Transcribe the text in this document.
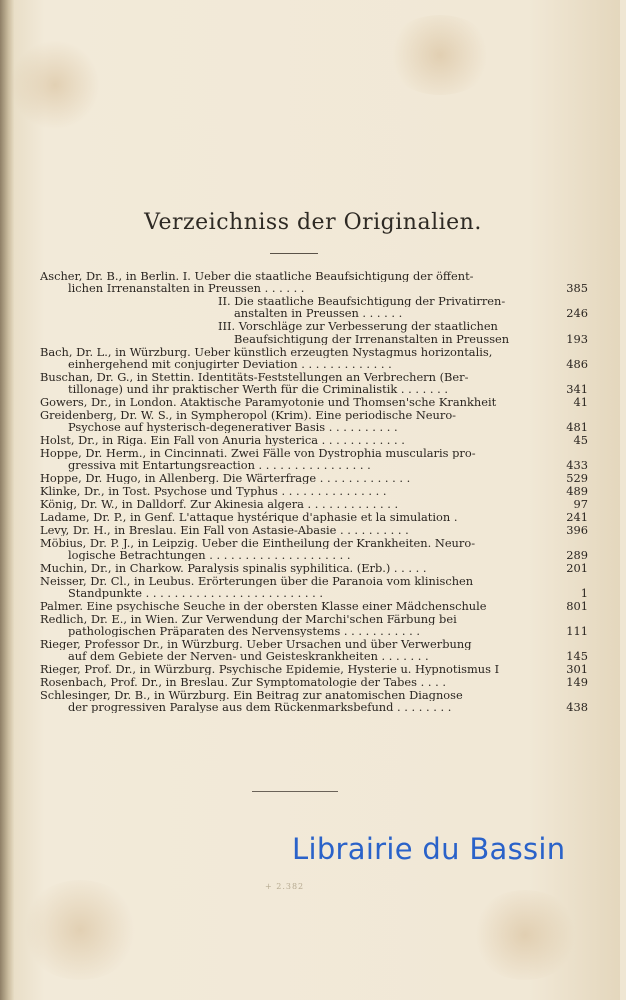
Verzeichniss der Originalien.
Ascher, Dr. B., in Berlin. I. Ueber die staatliche Beaufsichtigung der öffent-
lichen Irrenanstalten in Preussen . . . . . .	385
II. Die staatliche Beaufsichtigung der Privatirren-
anstalten in Preussen . . . . . .	246
III. Vorschläge zur Verbesserung der staatlichen
Beaufsichtigung der Irrenanstalten in Preussen	193
Bach, Dr. L., in Würzburg. Ueber künstlich erzeugten Nystagmus horizontalis,
einhergehend mit conjugirter Deviation . . . . . . . . . . . . .	486
Buschan, Dr. G., in Stettin. Identitäts-Feststellungen an Verbrechern (Ber-
tillonage) und ihr praktischer Werth für die Criminalistik . . . . . . .	341
Gowers, Dr., in London. Ataktische Paramyotonie und Thomsen'sche Krankheit	41
Greidenberg, Dr. W. S., in Sympheropol (Krim). Eine periodische Neuro-
Psychose auf hysterisch-degenerativer Basis . . . . . . . . . .	481
Holst, Dr., in Riga. Ein Fall von Anuria hysterica . . . . . . . . . . . .	45
Hoppe, Dr. Herm., in Cincinnati. Zwei Fälle von Dystrophia muscularis pro-
gressiva mit Entartungsreaction . . . . . . . . . . . . . . . .	433
Hoppe, Dr. Hugo, in Allenberg. Die Wärterfrage . . . . . . . . . . . . .	529
Klinke, Dr., in Tost. Psychose und Typhus . . . . . . . . . . . . . . .	489
König, Dr. W., in Dalldorf. Zur Akinesia algera . . . . . . . . . . . . .	97
Ladame, Dr. P., in Genf. L'attaque hystérique d'aphasie et la simulation .	241
Levy, Dr. H., in Breslau. Ein Fall von Astasie-Abasie . . . . . . . . . .	396
Möbius, Dr. P. J., in Leipzig. Ueber die Eintheilung der Krankheiten. Neuro-
logische Betrachtungen . . . . . . . . . . . . . . . . . . . .	289
Muchin, Dr., in Charkow. Paralysis spinalis syphilitica. (Erb.) . . . . .	201
Neisser, Dr. Cl., in Leubus. Erörterungen über die Paranoia vom klinischen
Standpunkte . . . . . . . . . . . . . . . . . . . . . . . . .	1
Palmer. Eine psychische Seuche in der obersten Klasse einer Mädchenschule	801
Redlich, Dr. E., in Wien. Zur Verwendung der Marchi'schen Färbung bei
pathologischen Präparaten des Nervensystems . . . . . . . . . . .	111
Rieger, Professor Dr., in Würzburg. Ueber Ursachen und über Verwerbung
auf dem Gebiete der Nerven- und Geisteskrankheiten . . . . . . .	145
Rieger, Prof. Dr., in Würzburg. Psychische Epidemie, Hysterie u. Hypnotismus I	301
Rosenbach, Prof. Dr., in Breslau. Zur Symptomatologie der Tabes . . . .	149
Schlesinger, Dr. B., in Würzburg. Ein Beitrag zur anatomischen Diagnose
der progressiven Paralyse aus dem Rückenmarksbefund . . . . . . . .	438
Librairie du Bassin
+ 2.382
